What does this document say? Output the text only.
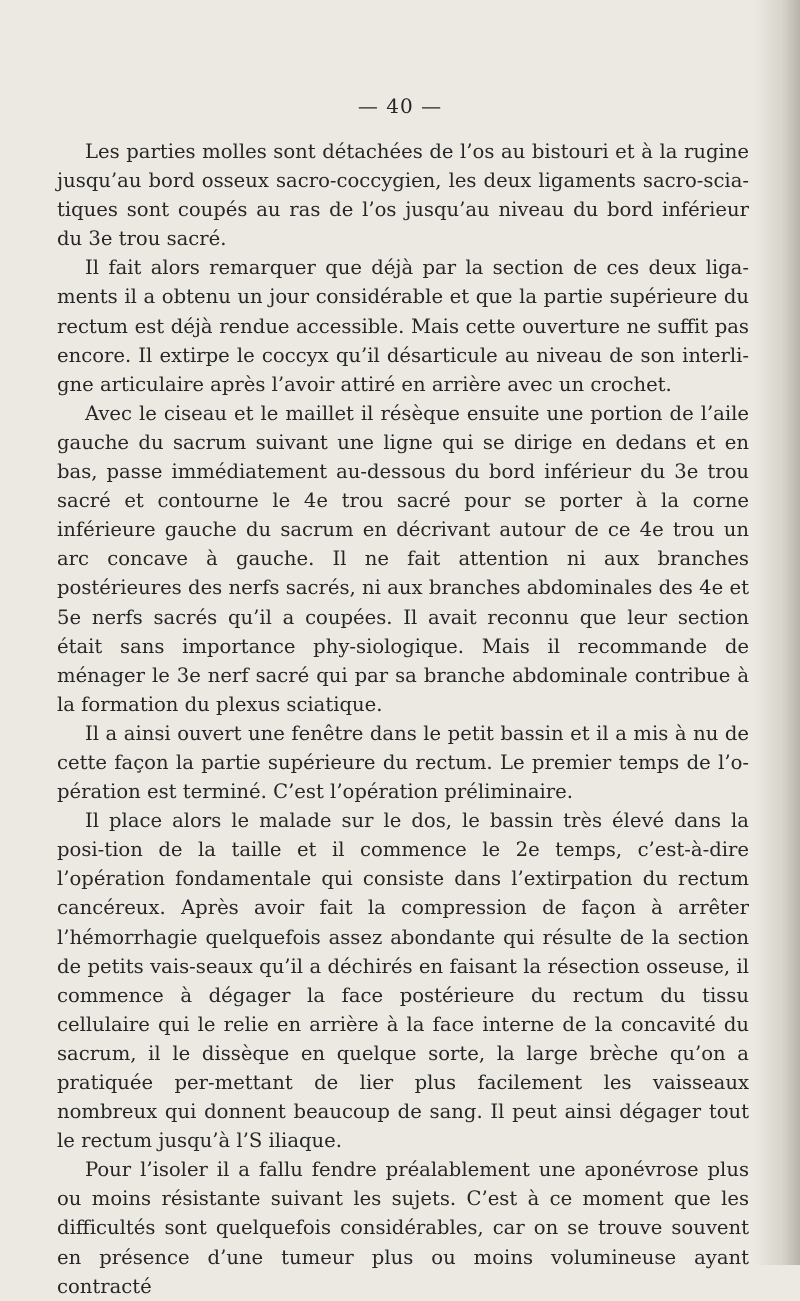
— 40 —

Les parties molles sont détachées de l’os au bistouri et à la rugine jusqu’au bord osseux sacro-coccygien, les deux ligaments sacro-scia-tiques sont coupés au ras de l’os jusqu’au niveau du bord inférieur du 3e trou sacré.

Il fait alors remarquer que déjà par la section de ces deux liga-ments il a obtenu un jour considérable et que la partie supérieure du rectum est déjà rendue accessible. Mais cette ouverture ne suffit pas encore. Il extirpe le coccyx qu’il désarticule au niveau de son interli-gne articulaire après l’avoir attiré en arrière avec un crochet.

Avec le ciseau et le maillet il résèque ensuite une portion de l’aile gauche du sacrum suivant une ligne qui se dirige en dedans et en bas, passe immédiatement au-dessous du bord inférieur du 3e trou sacré et contourne le 4e trou sacré pour se porter à la corne inférieure gauche du sacrum en décrivant autour de ce 4e trou un arc concave à gauche. Il ne fait attention ni aux branches postérieures des nerfs sacrés, ni aux branches abdominales des 4e et 5e nerfs sacrés qu’il a coupées. Il avait reconnu que leur section était sans importance phy-siologique. Mais il recommande de ménager le 3e nerf sacré qui par sa branche abdominale contribue à la formation du plexus sciatique.

Il a ainsi ouvert une fenêtre dans le petit bassin et il a mis à nu de cette façon la partie supérieure du rectum. Le premier temps de l’o-pération est terminé. C’est l’opération préliminaire.

Il place alors le malade sur le dos, le bassin très élevé dans la posi-tion de la taille et il commence le 2e temps, c’est-à-dire l’opération fondamentale qui consiste dans l’extirpation du rectum cancéreux. Après avoir fait la compression de façon à arrêter l’hémorrhagie quelquefois assez abondante qui résulte de la section de petits vais-seaux qu’il a déchirés en faisant la résection osseuse, il commence à dégager la face postérieure du rectum du tissu cellulaire qui le relie en arrière à la face interne de la concavité du sacrum, il le dissèque en quelque sorte, la large brèche qu’on a pratiquée per-mettant de lier plus facilement les vaisseaux nombreux qui donnent beaucoup de sang. Il peut ainsi dégager tout le rectum jusqu’à l’S iliaque.

Pour l’isoler il a fallu fendre préalablement une aponévrose plus ou moins résistante suivant les sujets. C’est à ce moment que les difficultés sont quelquefois considérables, car on se trouve souvent en présence d’une tumeur plus ou moins volumineuse ayant contracté
